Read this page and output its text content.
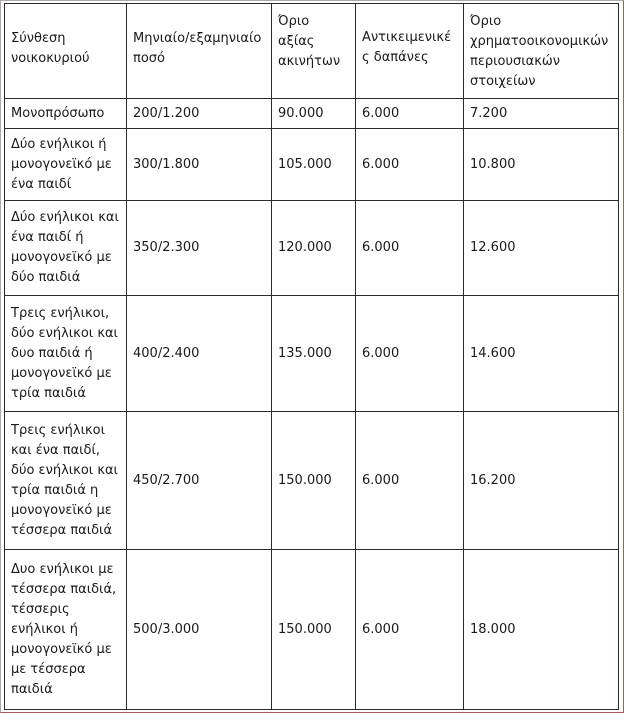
Σύνθεση νοικοκυριού	Μηνιαίο/εξαμηνιαίο ποσό	Όριο αξίας ακινήτων	Αντικειμενικές δαπάνες	Όριο χρηματοοικονομικών περιουσιακών στοιχείων
Μονοπρόσωπο	200/1.200	90.000	6.000	7.200
Δύο ενήλικοι ή μονογονεϊκό με ένα παιδί	300/1.800	105.000	6.000	10.800
Δύο ενήλικοι και ένα παιδί ή μονογονεϊκό με δύο παιδιά	350/2.300	120.000	6.000	12.600
Τρεις ενήλικοι, δύο ενήλικοι και δυο παιδιά ή μονογονεϊκό με τρία παιδιά	400/2.400	135.000	6.000	14.600
Τρεις ενήλικοι και ένα παιδί, δύο ενήλικοι και τρία παιδιά η μονογονεϊκό με τέσσερα παιδιά	450/2.700	150.000	6.000	16.200
Δυο ενήλικοι με τέσσερα παιδιά, τέσσερις ενήλικοι ή μονογονεϊκό με με τέσσερα παιδιά	500/3.000	150.000	6.000	18.000
